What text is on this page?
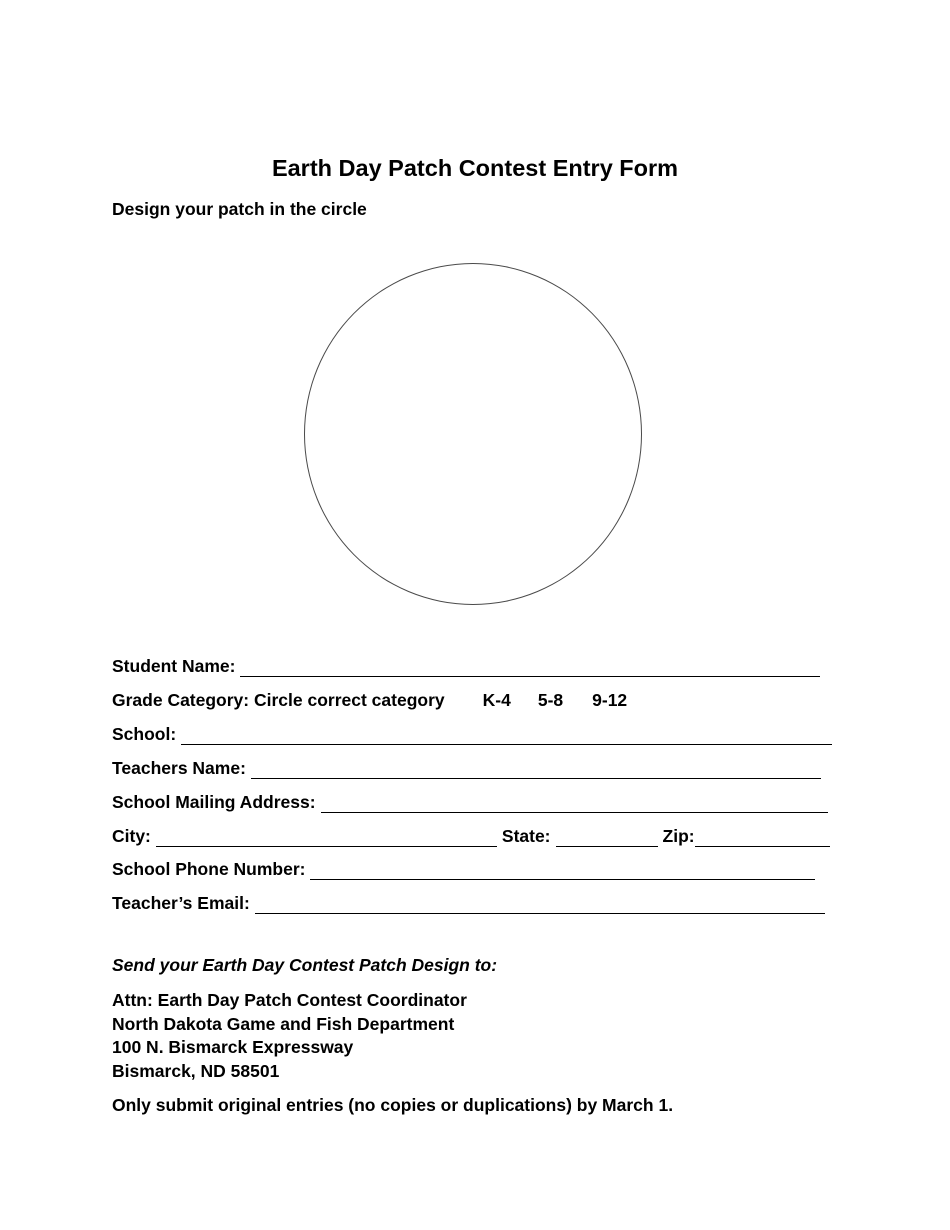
Earth Day Patch Contest Entry Form
Design your patch in the circle
Student Name:
Grade Category: Circle correct category K-4 5-8 9-12
School:
Teachers Name:
School Mailing Address:
City:	State:	Zip:
School Phone Number:
Teacher’s Email:
Send your Earth Day Contest Patch Design to:
Attn: Earth Day Patch Contest Coordinator
North Dakota Game and Fish Department
100 N. Bismarck Expressway
Bismarck, ND 58501
Only submit original entries (no copies or duplications) by March 1.
